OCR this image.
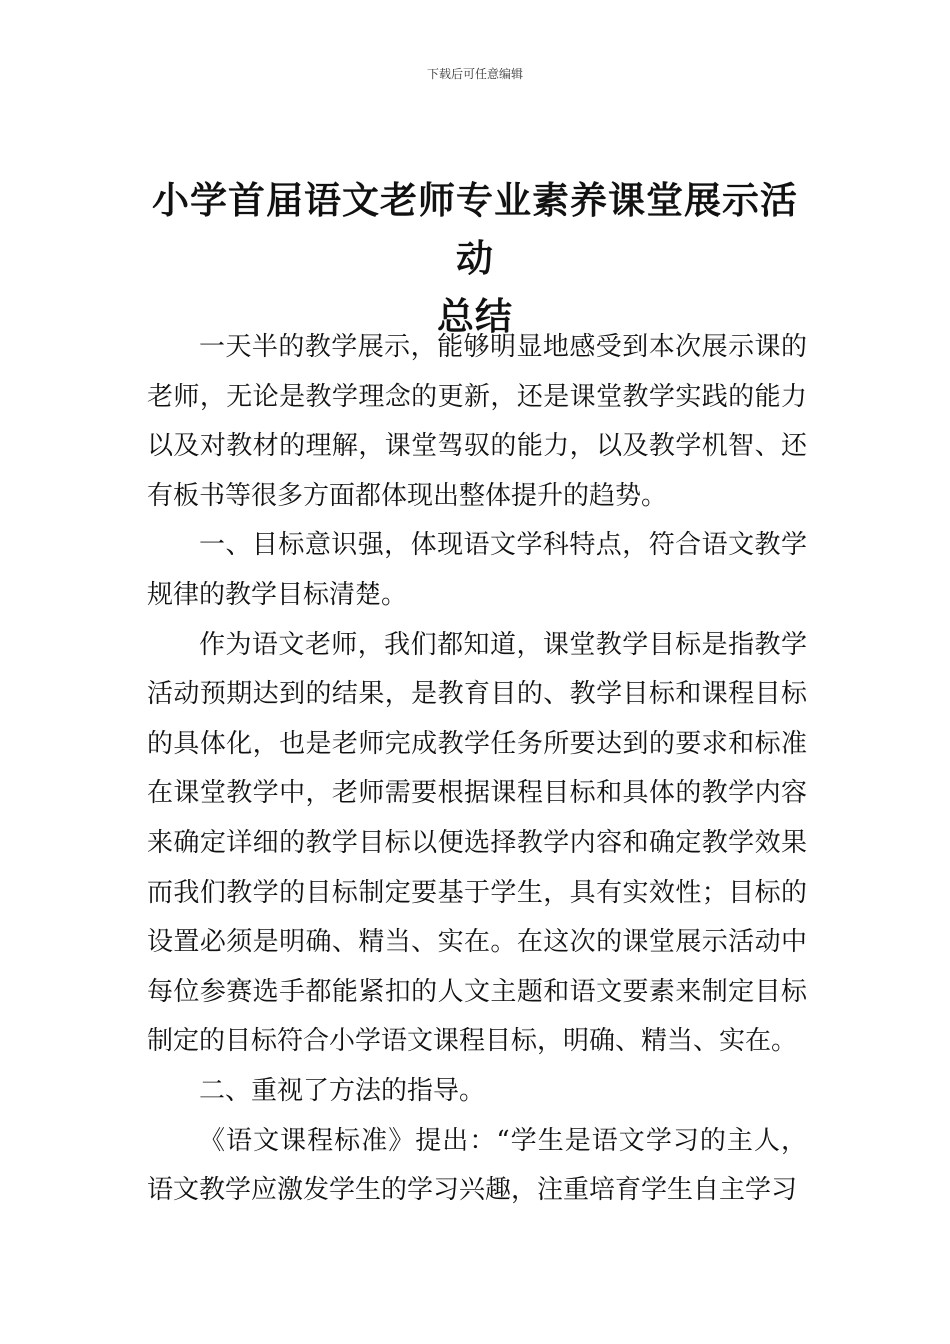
下载后可任意编辑
小学首届语文老师专业素养课堂展示活动
总结

一天半的教学展示，能够明显地感受到本次展示课的老师，无论是教学理念的更新，还是课堂教学实践的能力以及对教材的理解，课堂驾驭的能力，以及教学机智、还有板书等很多方面都体现出整体提升的趋势。

一、目标意识强，体现语文学科特点，符合语文教学规律的教学目标清楚。

作为语文老师，我们都知道，课堂教学目标是指教学活动预期达到的结果，是教育目的、教学目标和课程目标的具体化，也是老师完成教学任务所要达到的要求和标准在课堂教学中，老师需要根据课程目标和具体的教学内容来确定详细的教学目标以便选择教学内容和确定教学效果而我们教学的目标制定要基于学生，具有实效性；目标的设置必须是明确、精当、实在。在这次的课堂展示活动中每位参赛选手都能紧扣的人文主题和语文要素来制定目标制定的目标符合小学语文课程目标，明确、精当、实在。

二、重视了方法的指导。

《语文课程标准》提出：“学生是语文学习的主人，语文教学应激发学生的学习兴趣，注重培育学生自主学习
